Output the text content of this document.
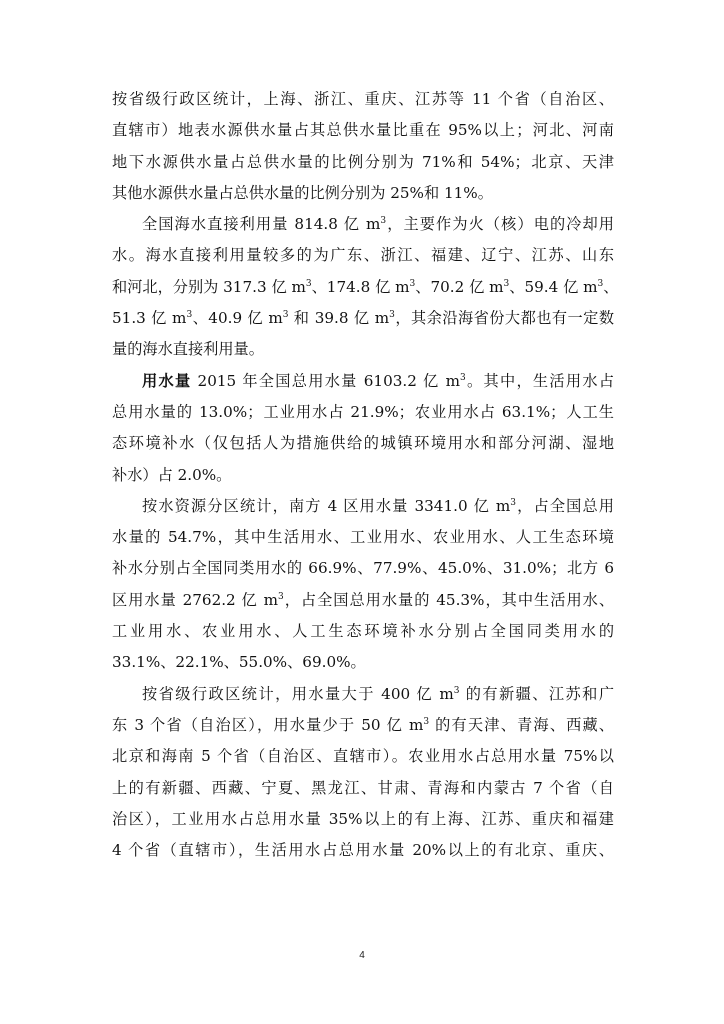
按省级行政区统计，上海、浙江、重庆、江苏等 11 个省（自治区、
直辖市）地表水源供水量占其总供水量比重在 95%以上；河北、河南
地下水源供水量占总供水量的比例分别为 71%和 54%；北京、天津
其他水源供水量占总供水量的比例分别为 25%和 11%。
全国海水直接利用量 814.8 亿 $m^3$，主要作为火（核）电的冷却用
水。海水直接利用量较多的为广东、浙江、福建、辽宁、江苏、山东
和河北，分别为 317.3 亿 $m^3$、174.8 亿 $m^3$、70.2 亿 $m^3$、59.4 亿 $m^3$、
51.3 亿 $m^3$、40.9 亿 $m^3$ 和 39.8 亿 $m^3$，其余沿海省份大都也有一定数
量的海水直接利用量。
用水量 2015 年全国总用水量 6103.2 亿 $m^3$。其中，生活用水占
总用水量的 13.0%；工业用水占 21.9%；农业用水占 63.1%；人工生
态环境补水（仅包括人为措施供给的城镇环境用水和部分河湖、湿地
补水）占 2.0%。
按水资源分区统计，南方 4 区用水量 3341.0 亿 $m^3$，占全国总用
水量的 54.7%，其中生活用水、工业用水、农业用水、人工生态环境
补水分别占全国同类用水的 66.9%、77.9%、45.0%、31.0%；北方 6
区用水量 2762.2 亿 $m^3$，占全国总用水量的 45.3%，其中生活用水、
工业用水、农业用水、人工生态环境补水分别占全国同类用水的
33.1%、22.1%、55.0%、69.0%。
按省级行政区统计，用水量大于 400 亿 $m^3$ 的有新疆、江苏和广
东 3 个省（自治区），用水量少于 50 亿 $m^3$ 的有天津、青海、西藏、
北京和海南 5 个省（自治区、直辖市）。农业用水占总用水量 75%以
上的有新疆、西藏、宁夏、黑龙江、甘肃、青海和内蒙古 7 个省（自
治区），工业用水占总用水量 35%以上的有上海、江苏、重庆和福建
4 个省（直辖市），生活用水占总用水量 20%以上的有北京、重庆、
4
